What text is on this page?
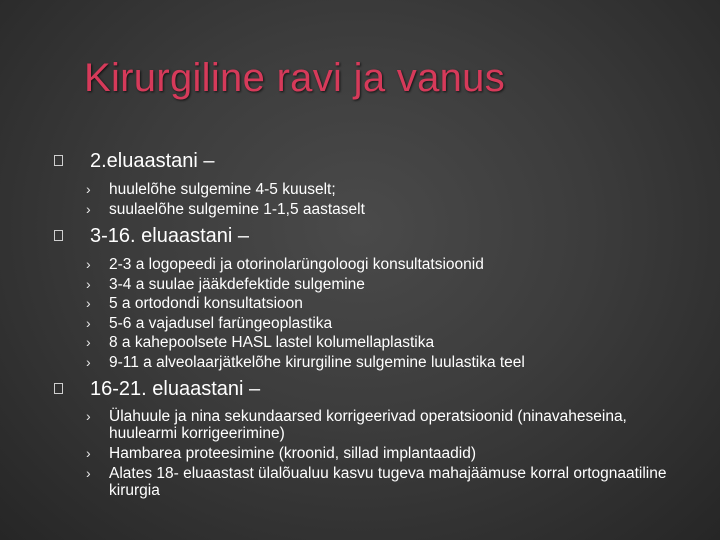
Kirurgiline ravi ja vanus

2.eluaastani –

› huulelõhe sulgemine 4-5 kuuselt;

› suulaelõhe sulgemine 1-1,5 aastaselt

3-16. eluaastani –

› 2-3 a logopeedi ja otorinolarüngoloogi konsultatsioonid

› 3-4 a suulae jääkdefektide sulgemine

› 5 a ortodondi konsultatsioon

› 5-6 a vajadusel farüngeoplastika

› 8 a kahepoolsete HASL lastel kolumellaplastika

› 9-11 a alveolaarjätkelõhe kirurgiline sulgemine luulastika teel

16-21. eluaastani –

› Ülahuule ja nina sekundaarsed korrigeerivad operatsioonid (ninavaheseina, huulearmi korrigeerimine)

› Hambarea proteesimine (kroonid, sillad implantaadid)

› Alates 18- eluaastast ülalõualuu kasvu tugeva mahajäämuse korral ortognaatiline kirurgia
